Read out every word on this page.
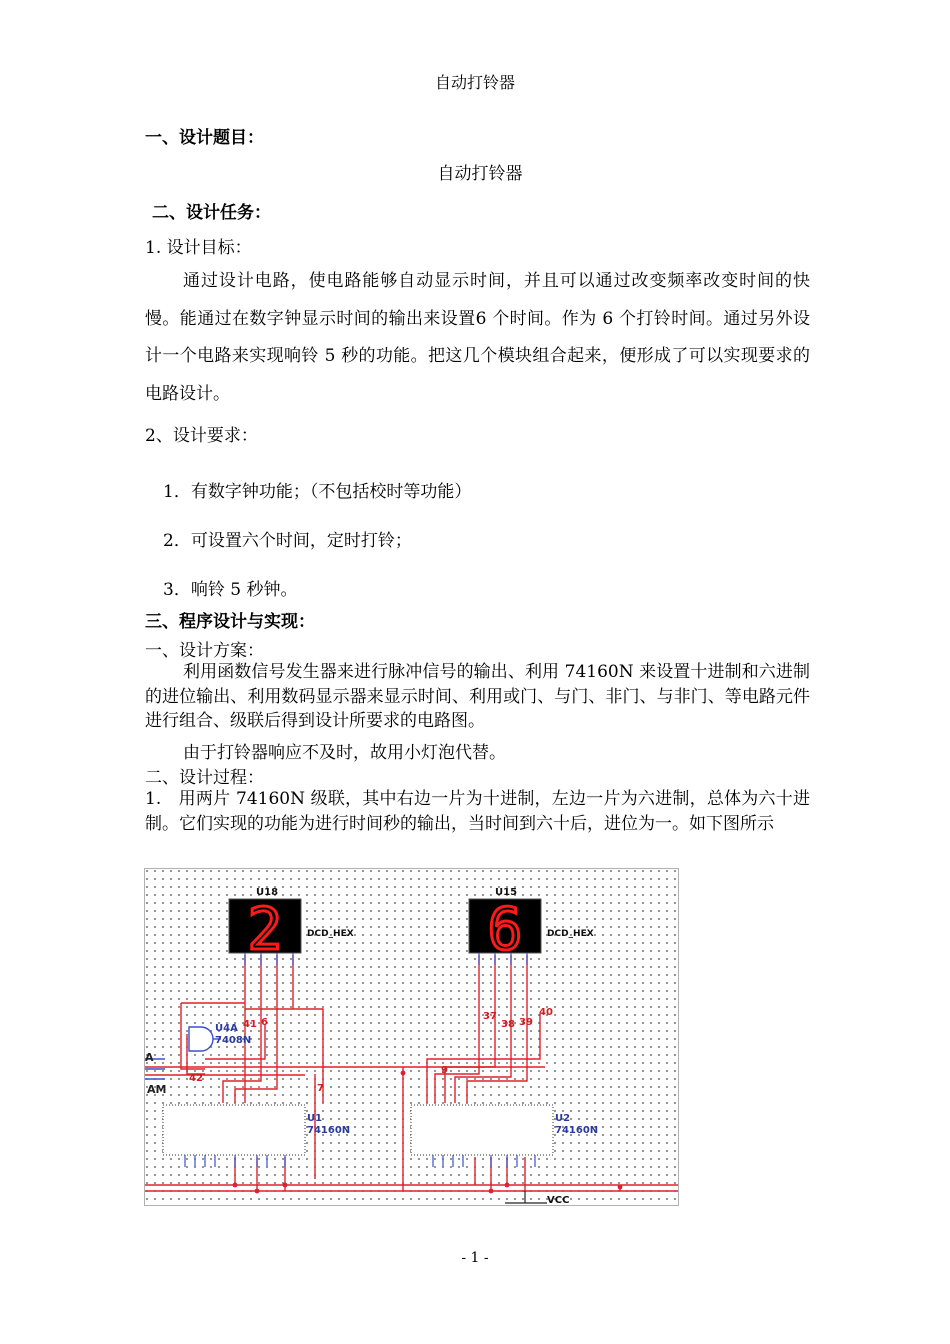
自动打铃器
一、设计题目：
自动打铃器
二、设计任务：
1. 设计目标：
通过设计电路，使电路能够自动显示时间，并且可以通过改变频率改变时间的快慢。能通过在数字钟显示时间的输出来设置6 个时间。作为 6 个打铃时间。通过另外设计一个电路来实现响铃 5 秒的功能。把这几个模块组合起来，便形成了可以实现要求的电路设计。
2、设计要求：
1．有数字钟功能；（不包括校时等功能）
2．可设置六个时间，定时打铃；
3．响铃 5 秒钟。
三、程序设计与实现：
一、设计方案：
利用函数信号发生器来进行脉冲信号的输出、利用 74160N 来设置十进制和六进制的进位输出、利用数码显示器来显示时间、利用或门、与门、非门、与非门、等电路元件进行组合、级联后得到设计所要求的电路图。
由于打铃器响应不及时，故用小灯泡代替。
二、设计过程：
1.　用两片 74160N 级联，其中右边一片为十进制，左边一片为六进制，总体为六十进制。它们实现的功能为进行时间秒的输出，当时间到六十后，进位为一。如下图所示
A
AM
U18
2	DCD_HEX
U15
6	DCD_HEX
U4A
7408N
U1
74160N
U2
74160N
41 6
42
7
37
38 39
40
9
VCC
- 1 -
